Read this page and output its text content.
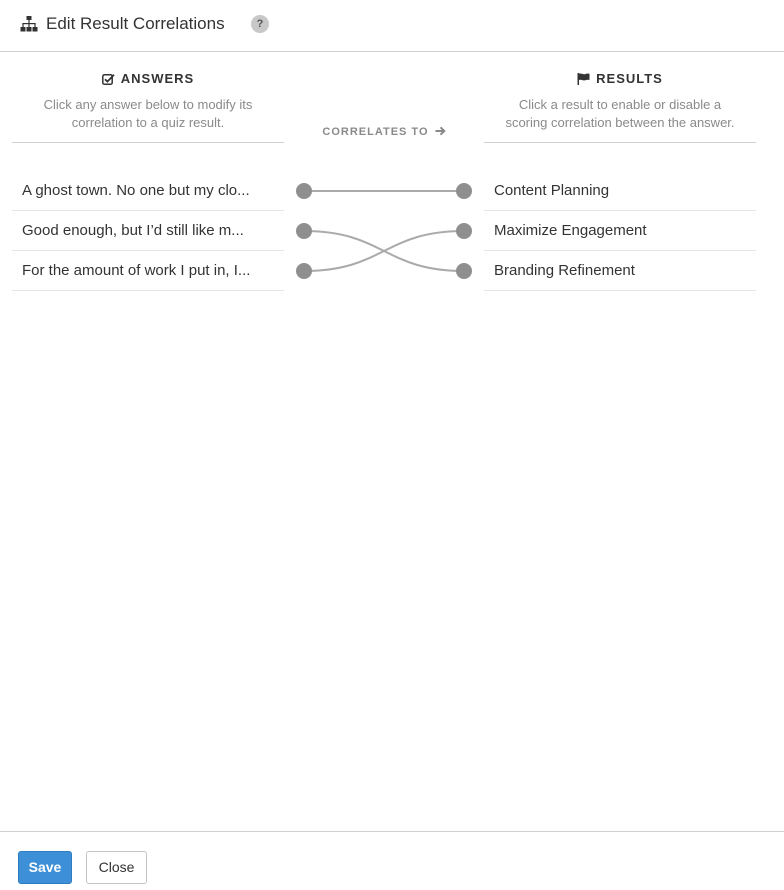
Edit Result Correlations	?
ANSWERS
Click any answer below to modify its correlation to a quiz result.
RESULTS
Click a result to enable or disable a scoring correlation between the answer.
CORRELATES TO
A ghost town. No one but my clo...
Good enough, but I’d still like m...
For the amount of work I put in, I...
Content Planning
Maximize Engagement
Branding Refinement
Save	Close
